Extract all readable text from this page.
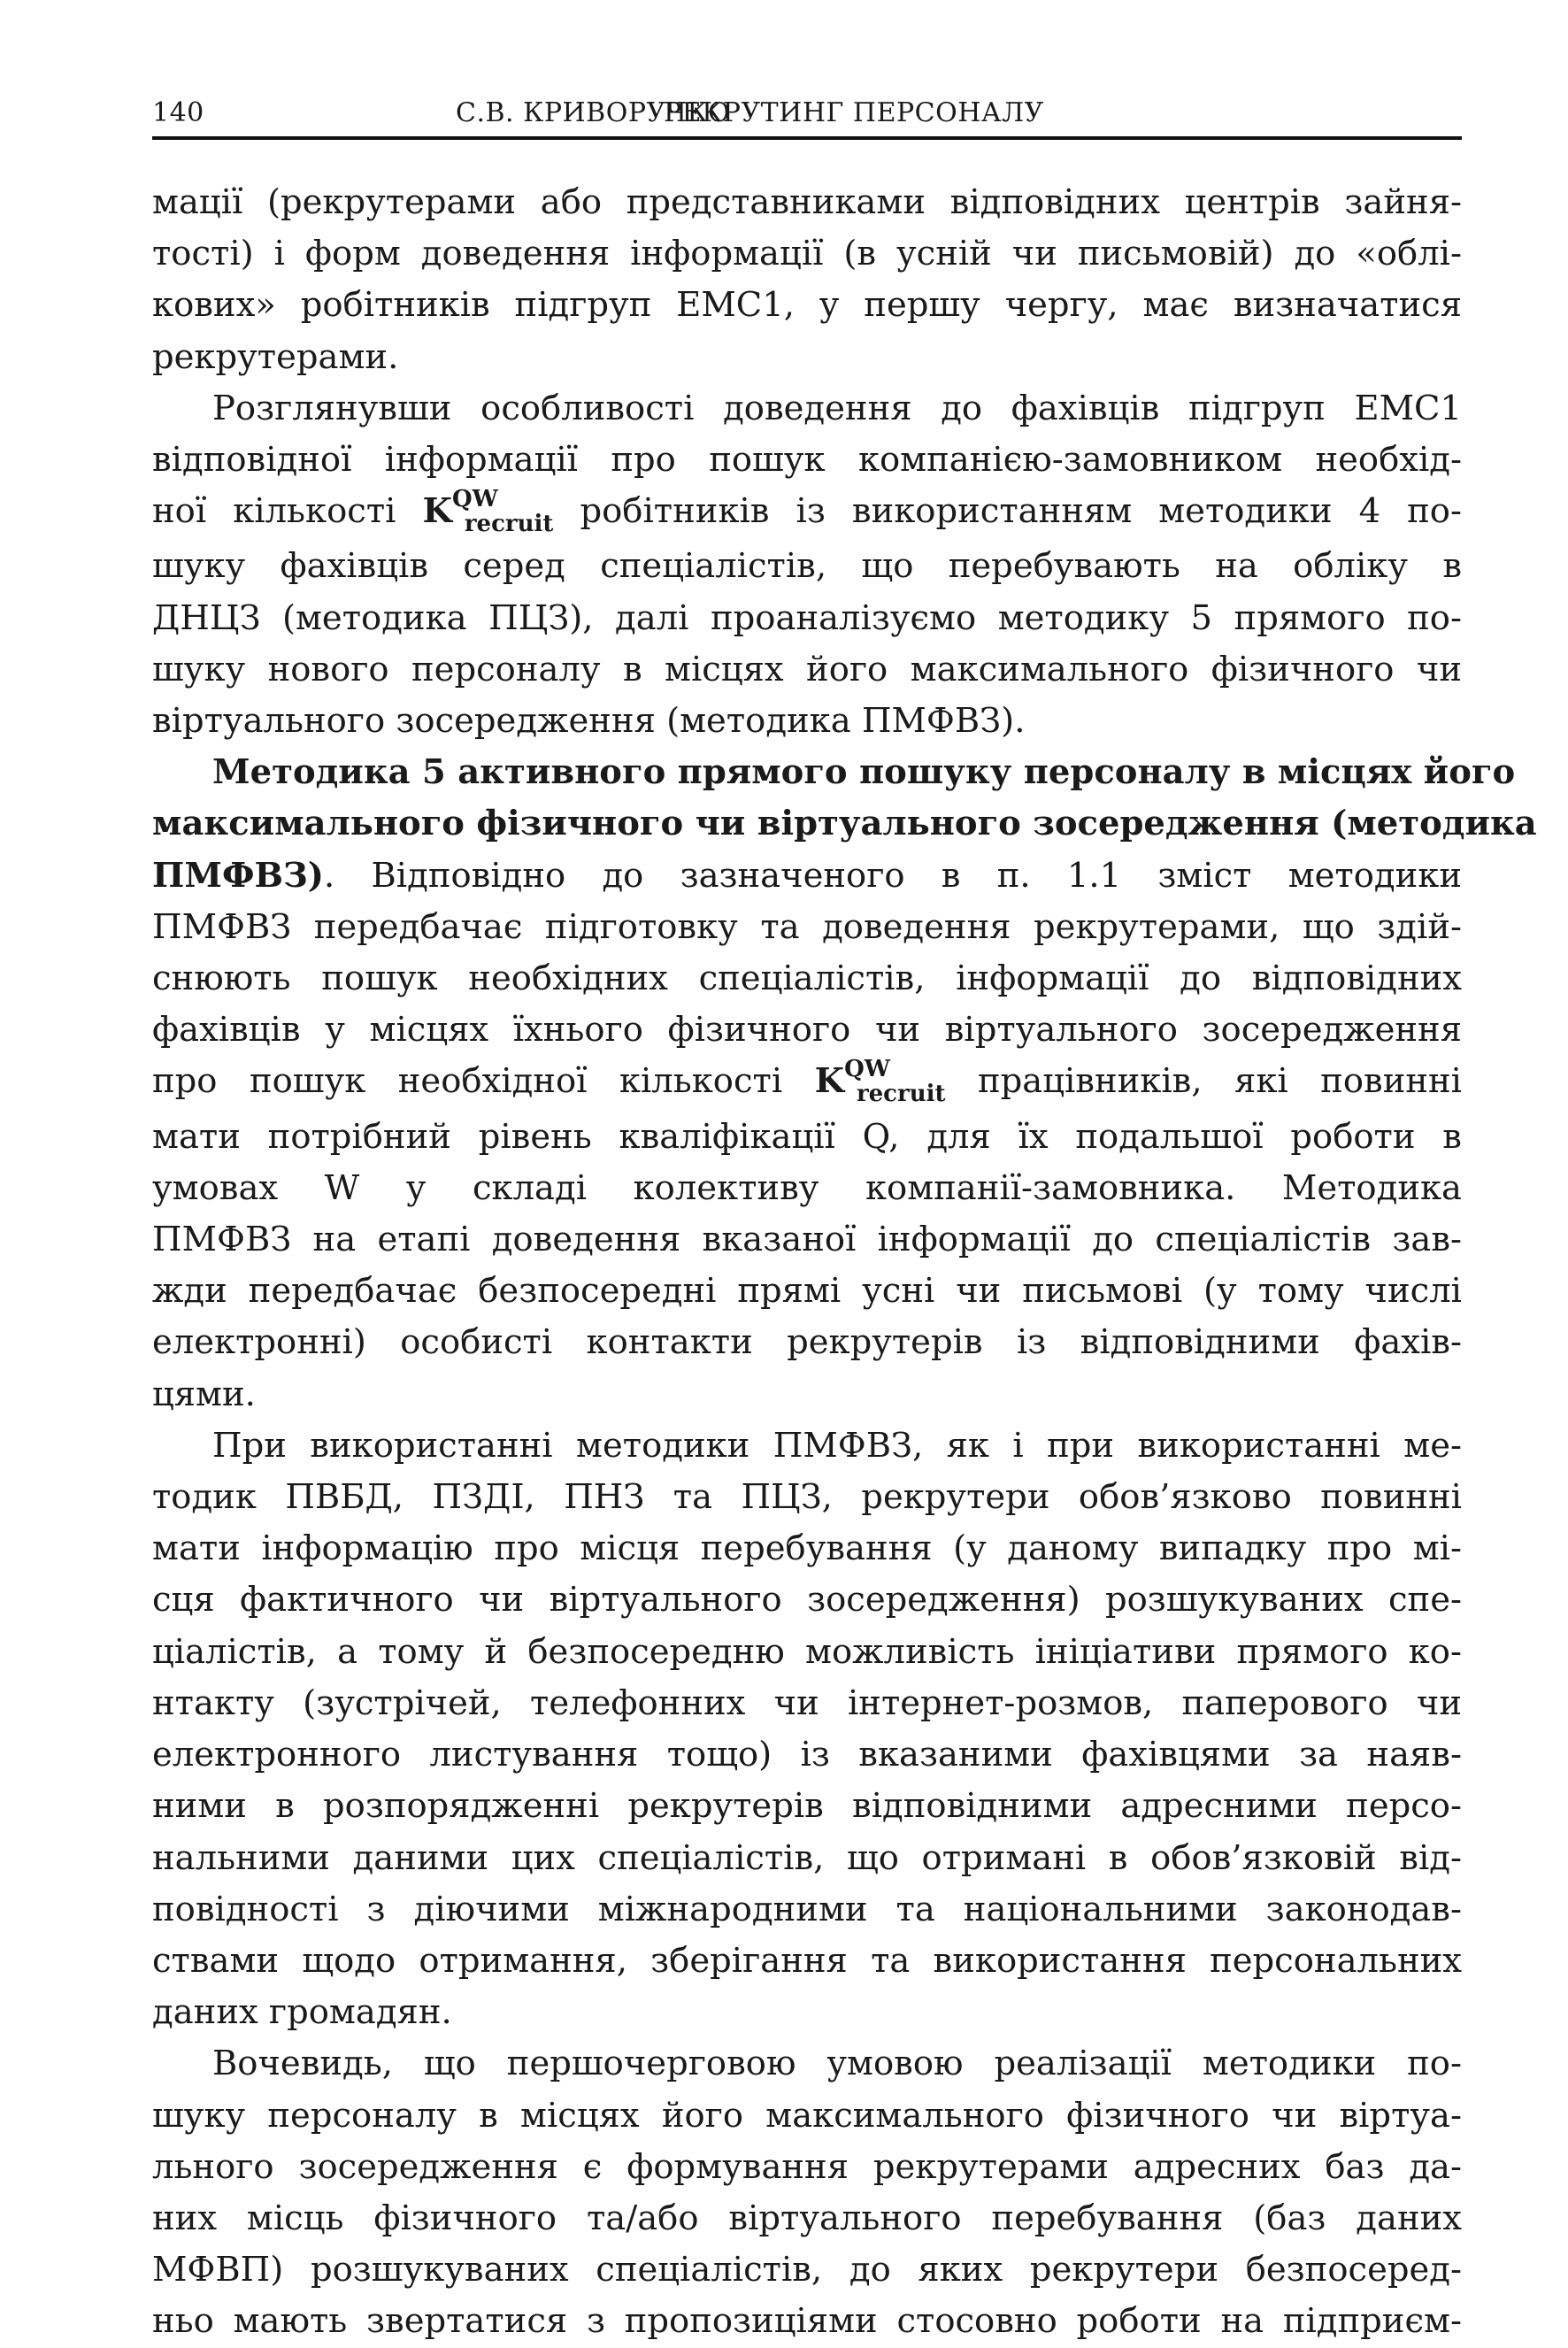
140	С.В. КРИВОРУЧКО
РЕКРУТИНГ ПЕРСОНАЛУ

мації (рекрутерами або представниками відповідних центрів зайня-
тості) і форм доведення інформації (в усній чи письмовій) до «облі-
кових» робітників підгруп ЕМС1, у першу чергу, має визначатися
рекрутерами.

Розглянувши особливості доведення до фахівців підгруп ЕМС1
відповідної інформації про пошук компанією-замовником необхід-
ної кількості $K^{QW}_{recruit}$ робітників із використанням методики 4 по-
шуку фахівців серед спеціалістів, що перебувають на обліку в
ДНЦЗ (методика ПЦЗ), далі проаналізуємо методику 5 прямого по-
шуку нового персоналу в місцях його максимального фізичного чи
віртуального зосередження (методика ПМФВЗ).

Методика 5 активного прямого пошуку персоналу в місцях його
максимального фізичного чи віртуального зосередження (методика
ПМФВЗ). Відповідно до зазначеного в п. 1.1 зміст методики
ПМФВЗ передбачає підготовку та доведення рекрутерами, що здій-
снюють пошук необхідних спеціалістів, інформації до відповідних
фахівців у місцях їхнього фізичного чи віртуального зосередження
про пошук необхідної кількості $K^{QW}_{recruit}$ працівників, які повинні
мати потрібний рівень кваліфікації Q, для їх подальшої роботи в
умовах W у складі колективу компанії-замовника. Методика
ПМФВЗ на етапі доведення вказаної інформації до спеціалістів зав-
жди передбачає безпосередні прямі усні чи письмові (у тому числі
електронні) особисті контакти рекрутерів із відповідними фахів-
цями.

При використанні методики ПМФВЗ, як і при використанні ме-
тодик ПВБД, ПЗДІ, ПНЗ та ПЦЗ, рекрутери обов’язково повинні
мати інформацію про місця перебування (у даному випадку про мі-
сця фактичного чи віртуального зосередження) розшукуваних спе-
ціалістів, а тому й безпосередню можливість ініціативи прямого ко-
нтакту (зустрічей, телефонних чи інтернет-розмов, паперового чи
електронного листування тощо) із вказаними фахівцями за наяв-
ними в розпорядженні рекрутерів відповідними адресними персо-
нальними даними цих спеціалістів, що отримані в обов’язковій від-
повідності з діючими міжнародними та національними законодав-
ствами щодо отримання, зберігання та використання персональних
даних громадян.

Вочевидь, що першочерговою умовою реалізації методики по-
шуку персоналу в місцях його максимального фізичного чи віртуа-
льного зосередження є формування рекрутерами адресних баз да-
них місць фізичного та/або віртуального перебування (баз даних
МФВП) розшукуваних спеціалістів, до яких рекрутери безпосеред-
ньо мають звертатися з пропозиціями стосовно роботи на підприєм-
